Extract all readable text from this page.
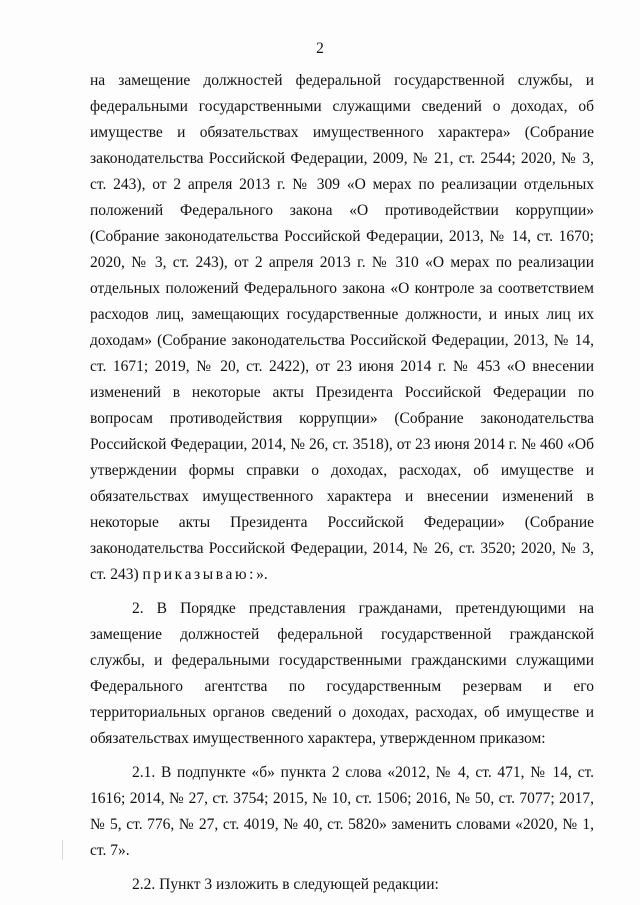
2

на замещение должностей федеральной государственной службы, и федеральными государственными служащими сведений о доходах, об имуществе и обязательствах имущественного характера» (Собрание законодательства Российской Федерации, 2009, № 21, ст. 2544; 2020, № 3, ст. 243), от 2 апреля 2013 г. № 309 «О мерах по реализации отдельных положений Федерального закона «О противодействии коррупции» (Собрание законодательства Российской Федерации, 2013, № 14, ст. 1670; 2020, № 3, ст. 243), от 2 апреля 2013 г. № 310 «О мерах по реализации отдельных положений Федерального закона «О контроле за соответствием расходов лиц, замещающих государственные должности, и иных лиц их доходам» (Собрание законодательства Российской Федерации, 2013, № 14, ст. 1671; 2019, № 20, ст. 2422), от 23 июня 2014 г. № 453 «О внесении изменений в некоторые акты Президента Российской Федерации по вопросам противодействия коррупции» (Собрание законодательства Российской Федерации, 2014, № 26, ст. 3518), от 23 июня 2014 г. № 460 «Об утверждении формы справки о доходах, расходах, об имуществе и обязательствах имущественного характера и внесении изменений в некоторые акты Президента Российской Федерации» (Собрание законодательства Российской Федерации, 2014, № 26, ст. 3520; 2020, № 3, ст. 243) приказываю:».

2. В Порядке представления гражданами, претендующими на замещение должностей федеральной государственной гражданской службы, и федеральными государственными гражданскими служащими Федерального агентства по государственным резервам и его территориальных органов сведений о доходах, расходах, об имуществе и обязательствах имущественного характера, утвержденном приказом:

2.1. В подпункте «б» пункта 2 слова «2012, № 4, ст. 471, № 14, ст. 1616; 2014, № 27, ст. 3754; 2015, № 10, ст. 1506; 2016, № 50, ст. 7077; 2017, № 5, ст. 776, № 27, ст. 4019, № 40, ст. 5820» заменить словами «2020, № 1, ст. 7».

2.2. Пункт 3 изложить в следующей редакции:
